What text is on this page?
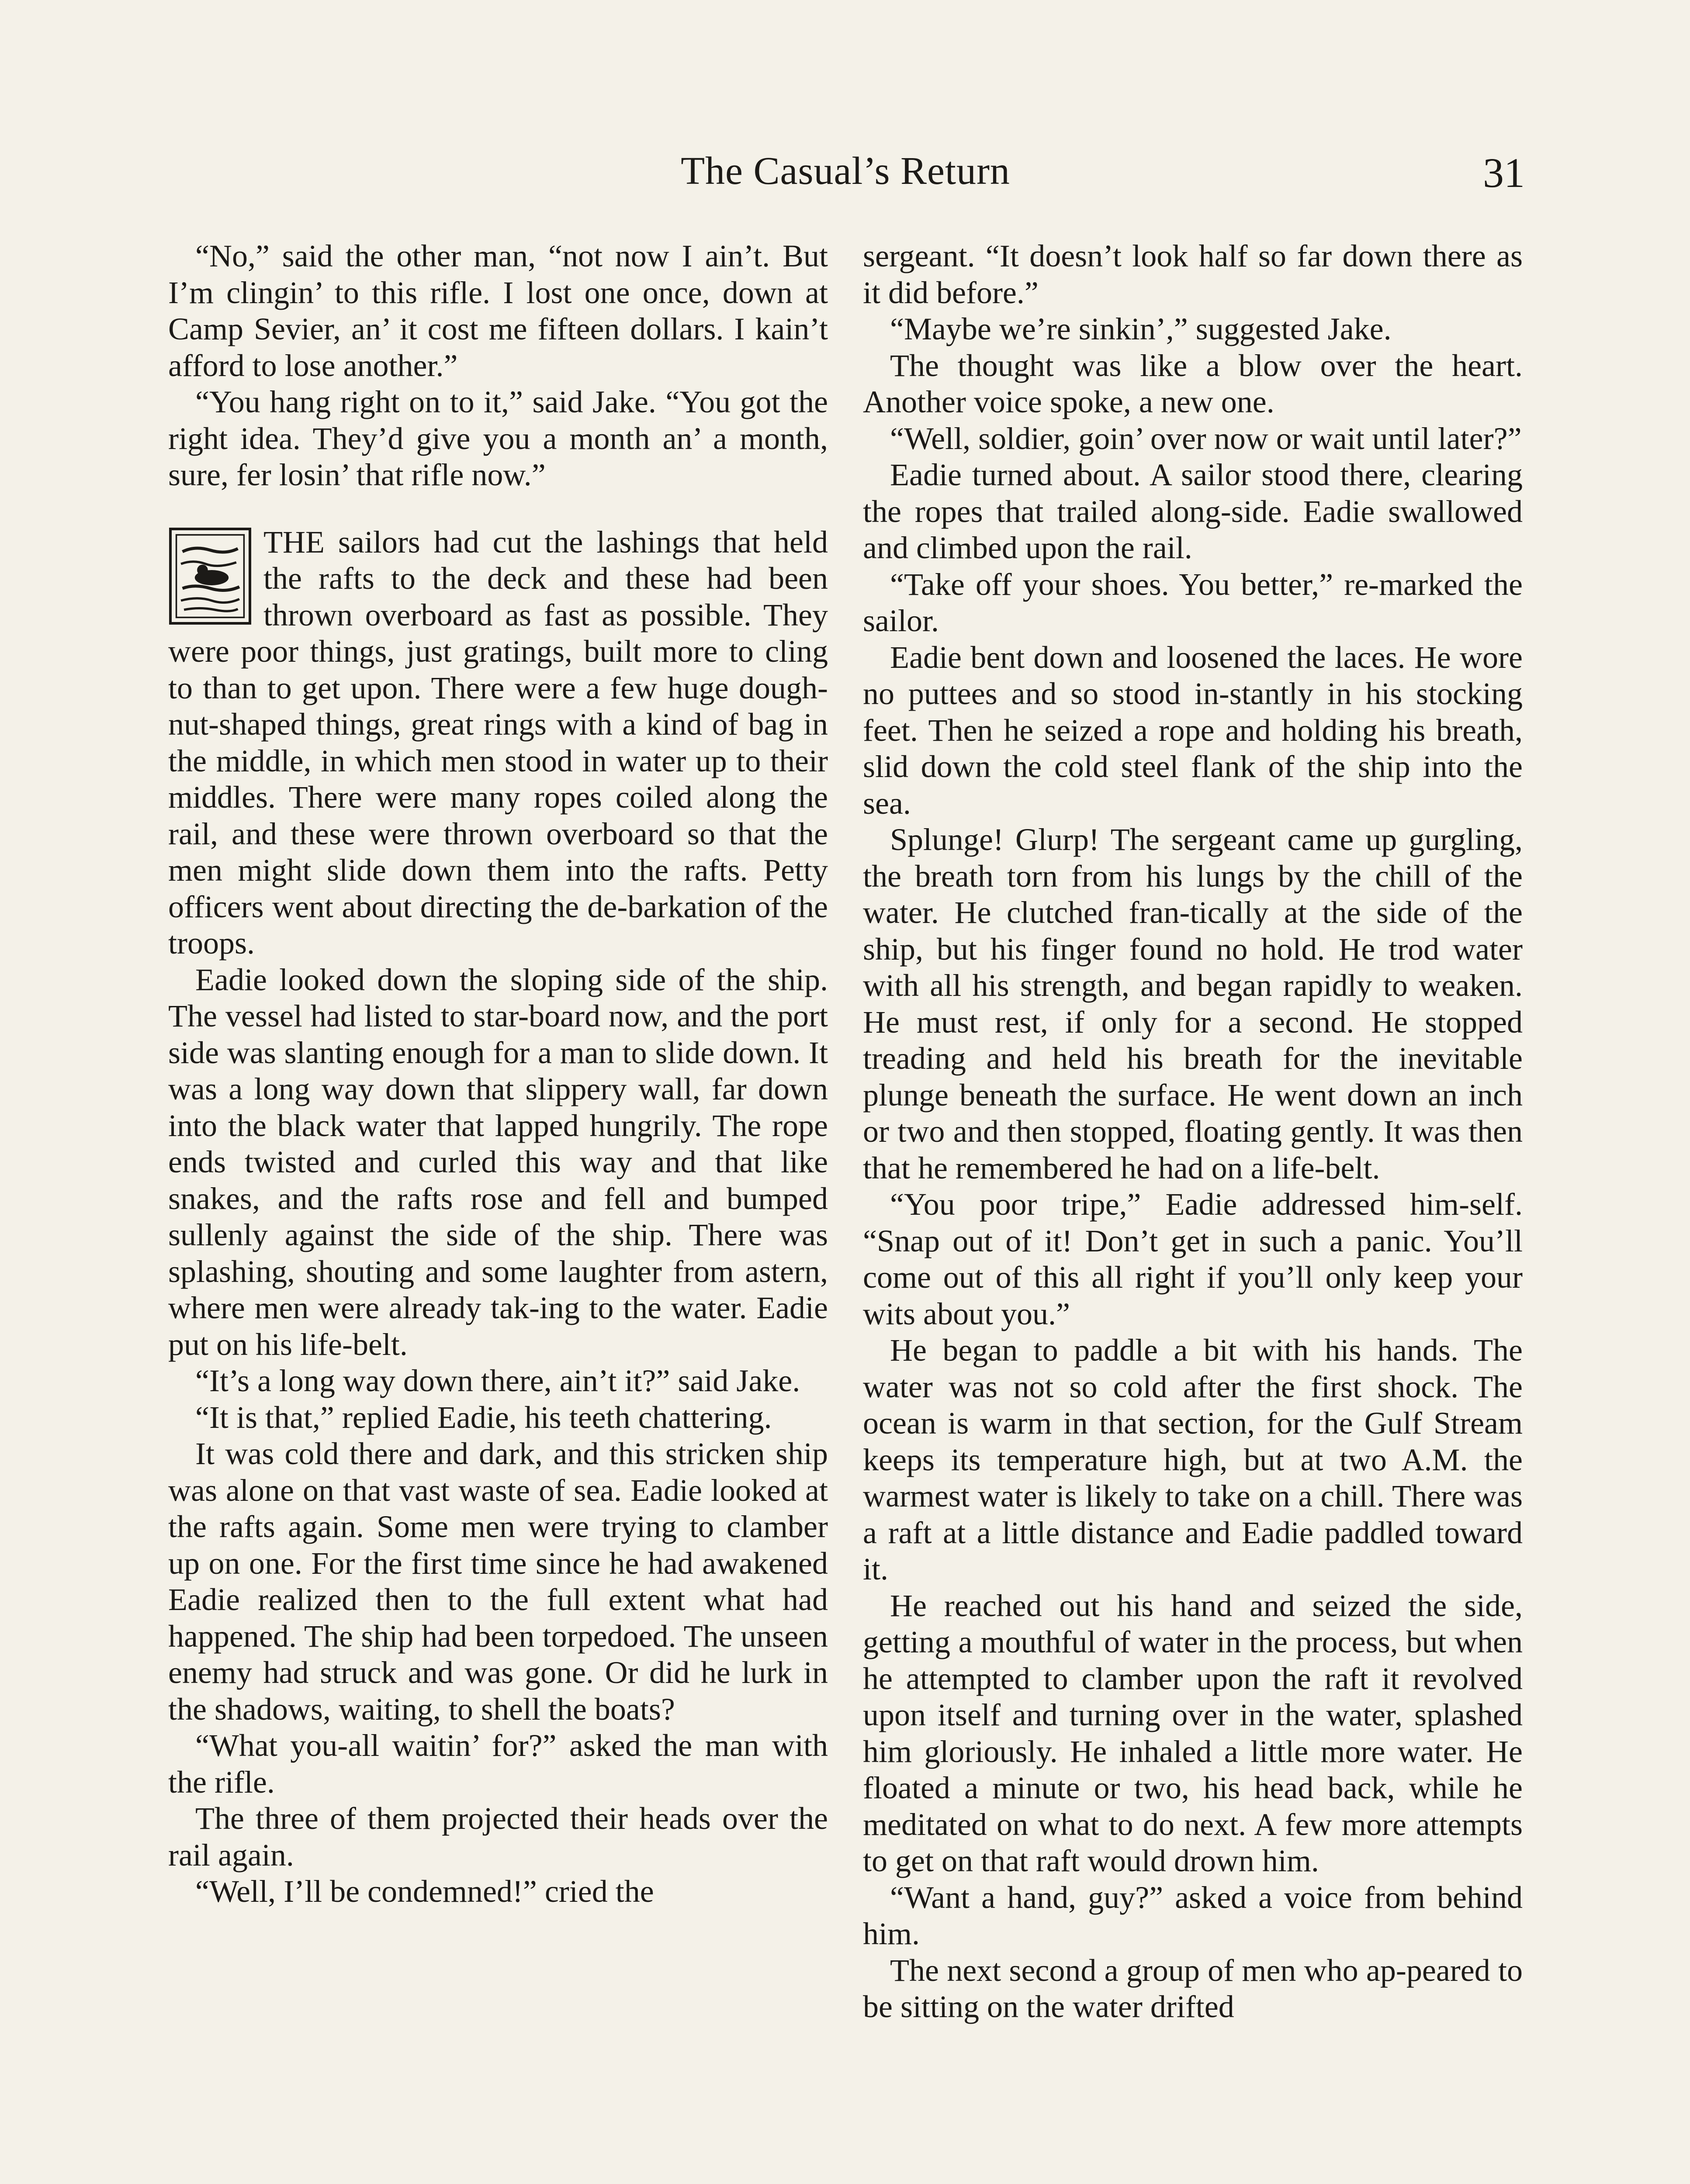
The Casual’s Return	31

“No,” said the other man, “not now I ain’t. But I’m clingin’ to this rifle. I lost one once, down at Camp Sevier, an’ it cost me fifteen dollars. I kain’t afford to lose another.”

“You hang right on to it,” said Jake. “You got the right idea. They’d give you a month an’ a month, sure, fer losin’ that rifle now.”

THE sailors had cut the lashings that held the rafts to the deck and these had been thrown overboard as fast as possible. They were poor things, just gratings, built more to cling to than to get upon. There were a few huge dough-nut-shaped things, great rings with a kind of bag in the middle, in which men stood in water up to their middles. There were many ropes coiled along the rail, and these were thrown overboard so that the men might slide down them into the rafts. Petty officers went about directing the de-barkation of the troops.

Eadie looked down the sloping side of the ship. The vessel had listed to star-board now, and the port side was slanting enough for a man to slide down. It was a long way down that slippery wall, far down into the black water that lapped hungrily. The rope ends twisted and curled this way and that like snakes, and the rafts rose and fell and bumped sullenly against the side of the ship. There was splashing, shouting and some laughter from astern, where men were already tak-ing to the water. Eadie put on his life-belt.

“It’s a long way down there, ain’t it?” said Jake.

“It is that,” replied Eadie, his teeth chattering.

It was cold there and dark, and this stricken ship was alone on that vast waste of sea. Eadie looked at the rafts again. Some men were trying to clamber up on one. For the first time since he had awakened Eadie realized then to the full extent what had happened. The ship had been torpedoed. The unseen enemy had struck and was gone. Or did he lurk in the shadows, waiting, to shell the boats?

“What you-all waitin’ for?” asked the man with the rifle.

The three of them projected their heads over the rail again.

“Well, I’ll be condemned!” cried the

sergeant. “It doesn’t look half so far down there as it did before.”

“Maybe we’re sinkin’,” suggested Jake.

The thought was like a blow over the heart. Another voice spoke, a new one.

“Well, soldier, goin’ over now or wait until later?”

Eadie turned about. A sailor stood there, clearing the ropes that trailed along-side. Eadie swallowed and climbed upon the rail.

“Take off your shoes. You better,” re-marked the sailor.

Eadie bent down and loosened the laces. He wore no puttees and so stood in-stantly in his stocking feet. Then he seized a rope and holding his breath, slid down the cold steel flank of the ship into the sea.

Splunge! Glurp! The sergeant came up gurgling, the breath torn from his lungs by the chill of the water. He clutched fran-tically at the side of the ship, but his finger found no hold. He trod water with all his strength, and began rapidly to weaken. He must rest, if only for a second. He stopped treading and held his breath for the inevitable plunge beneath the surface. He went down an inch or two and then stopped, floating gently. It was then that he remembered he had on a life-belt.

“You poor tripe,” Eadie addressed him-self. “Snap out of it! Don’t get in such a panic. You’ll come out of this all right if you’ll only keep your wits about you.”

He began to paddle a bit with his hands. The water was not so cold after the first shock. The ocean is warm in that section, for the Gulf Stream keeps its temperature high, but at two A.M. the warmest water is likely to take on a chill. There was a raft at a little distance and Eadie paddled toward it.

He reached out his hand and seized the side, getting a mouthful of water in the process, but when he attempted to clamber upon the raft it revolved upon itself and turning over in the water, splashed him gloriously. He inhaled a little more water. He floated a minute or two, his head back, while he meditated on what to do next. A few more attempts to get on that raft would drown him.

“Want a hand, guy?” asked a voice from behind him.

The next second a group of men who ap-peared to be sitting on the water drifted
